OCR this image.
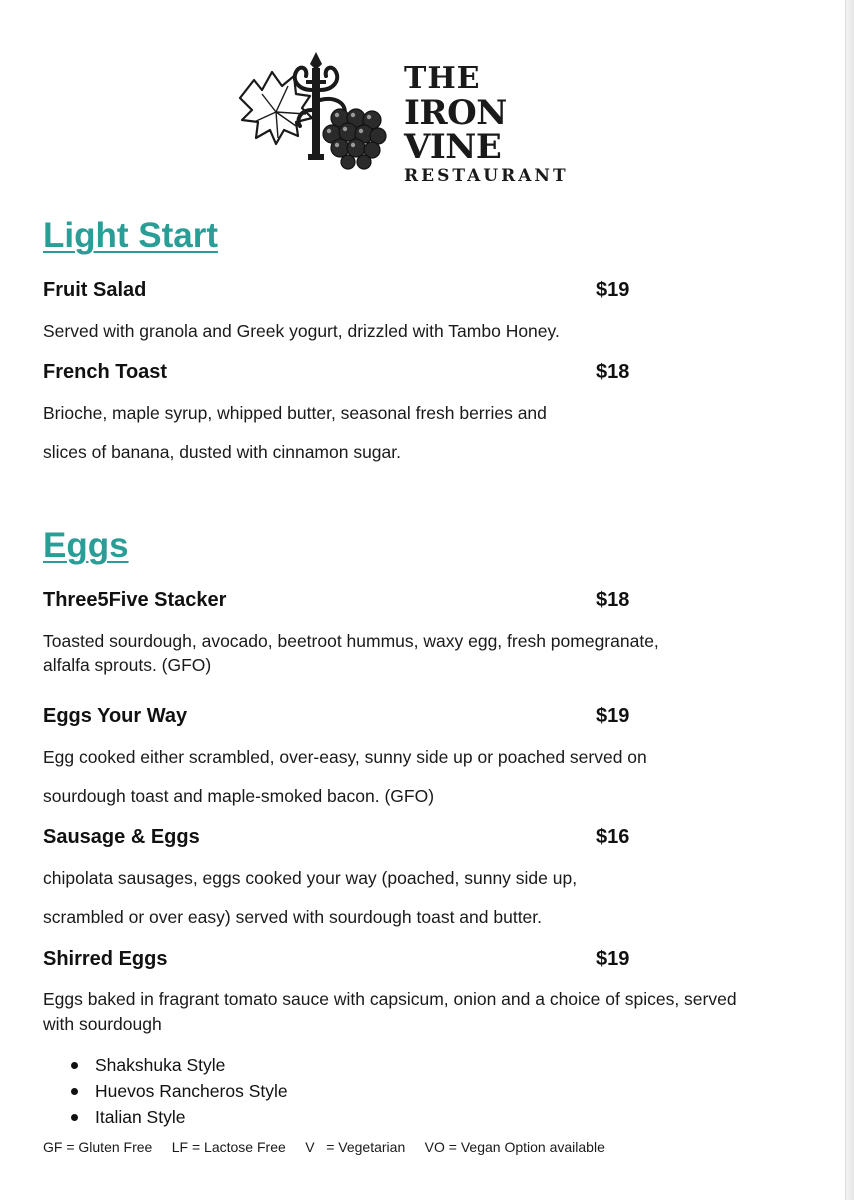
THE
IRON VINE
RESTAURANT
Light Start
Fruit Salad	$19
Served with granola and Greek yogurt, drizzled with Tambo Honey.
French Toast	$18
Brioche, maple syrup, whipped butter, seasonal fresh berries and
slices of banana, dusted with cinnamon sugar.
Eggs
Three5Five Stacker	$18
Toasted sourdough, avocado, beetroot hummus, waxy egg, fresh pomegranate,
alfalfa sprouts. (GFO)
Eggs Your Way	$19
Egg cooked either scrambled, over-easy, sunny side up or poached served on
sourdough toast and maple-smoked bacon. (GFO)
Sausage & Eggs	$16
chipolata sausages, eggs cooked your way (poached, sunny side up,
scrambled or over easy) served with sourdough toast and butter.
Shirred Eggs	$19
Eggs baked in fragrant tomato sauce with capsicum, onion and a choice of spices, served
with sourdough
Shakshuka Style
Huevos Rancheros Style
Italian Style
GF = Gluten Free     LF = Lactose Free     V   = Vegetarian     VO = Vegan Option available
